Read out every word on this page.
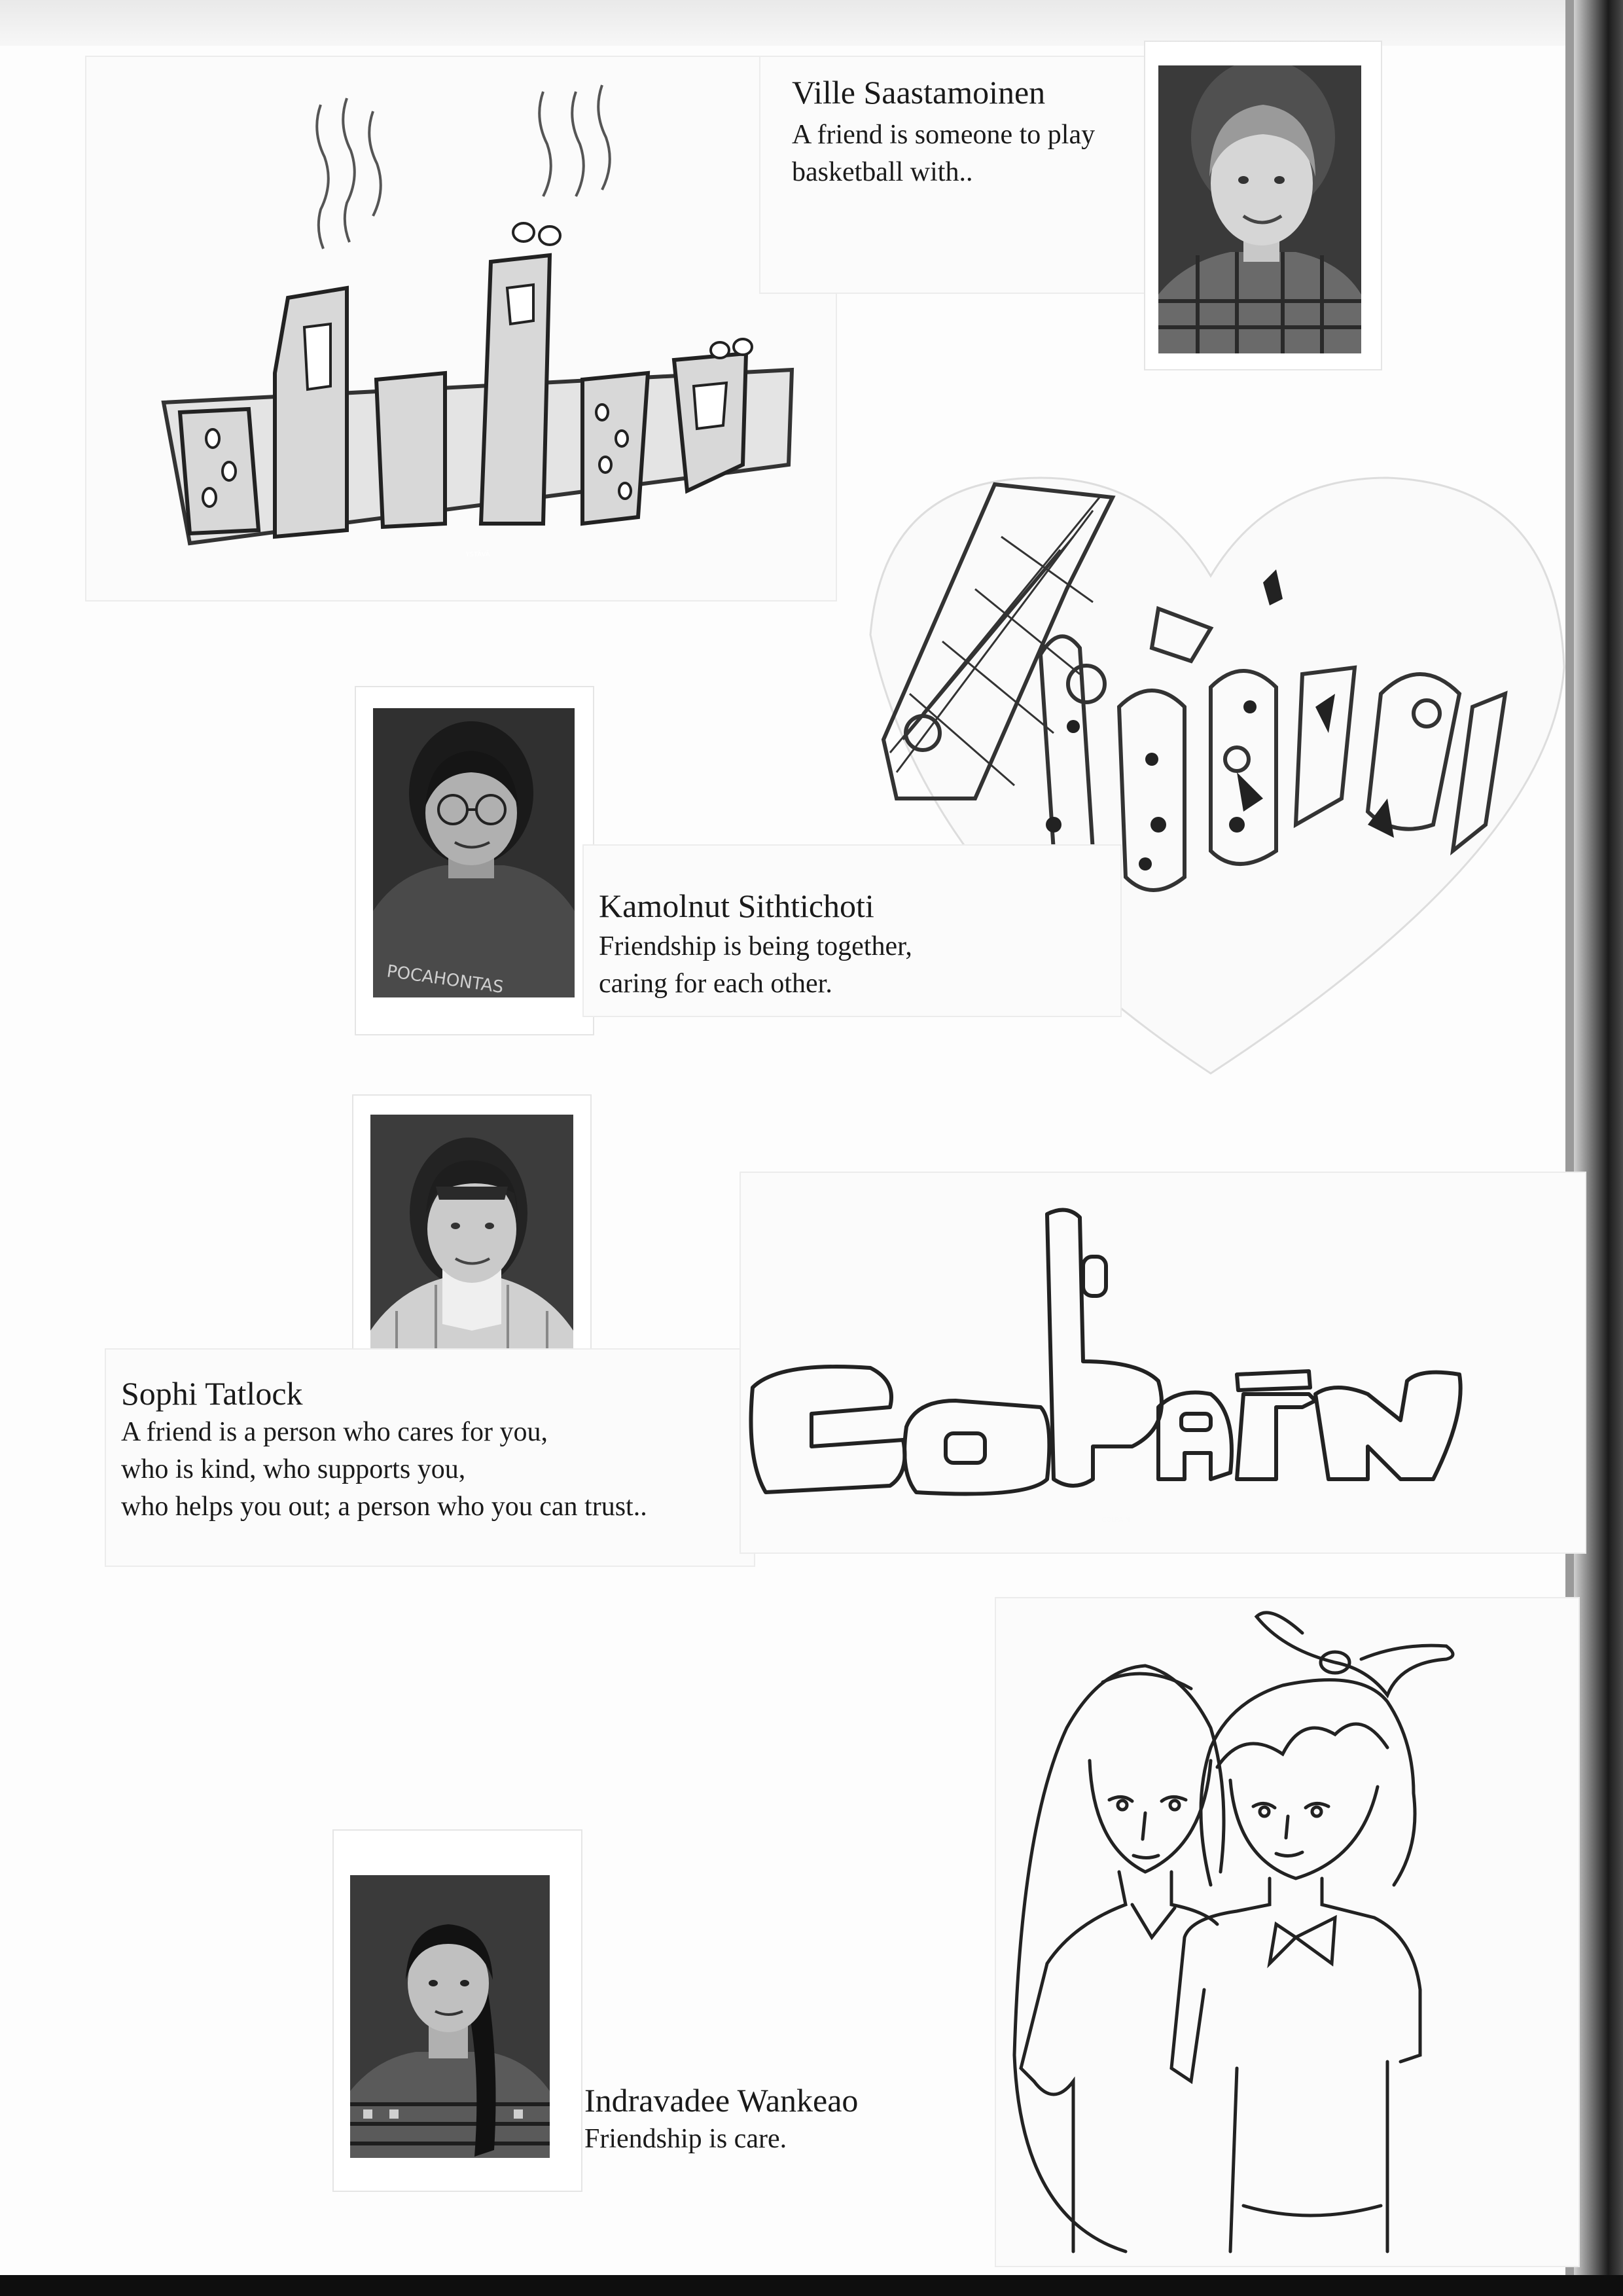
YSTÄVÄ
Ville Saastamoinen
A friend is someone to play
basketball with..
POCAHONTAS
Kamolnut Sithtichoti
Friendship is being together,
caring for each other.
Sophi Tatlock
A friend is a person who cares for you,
who is kind, who supports you,
who helps you out; a person who you can trust..	COLPAIN
Indravadee Wankeao
Friendship is care.
